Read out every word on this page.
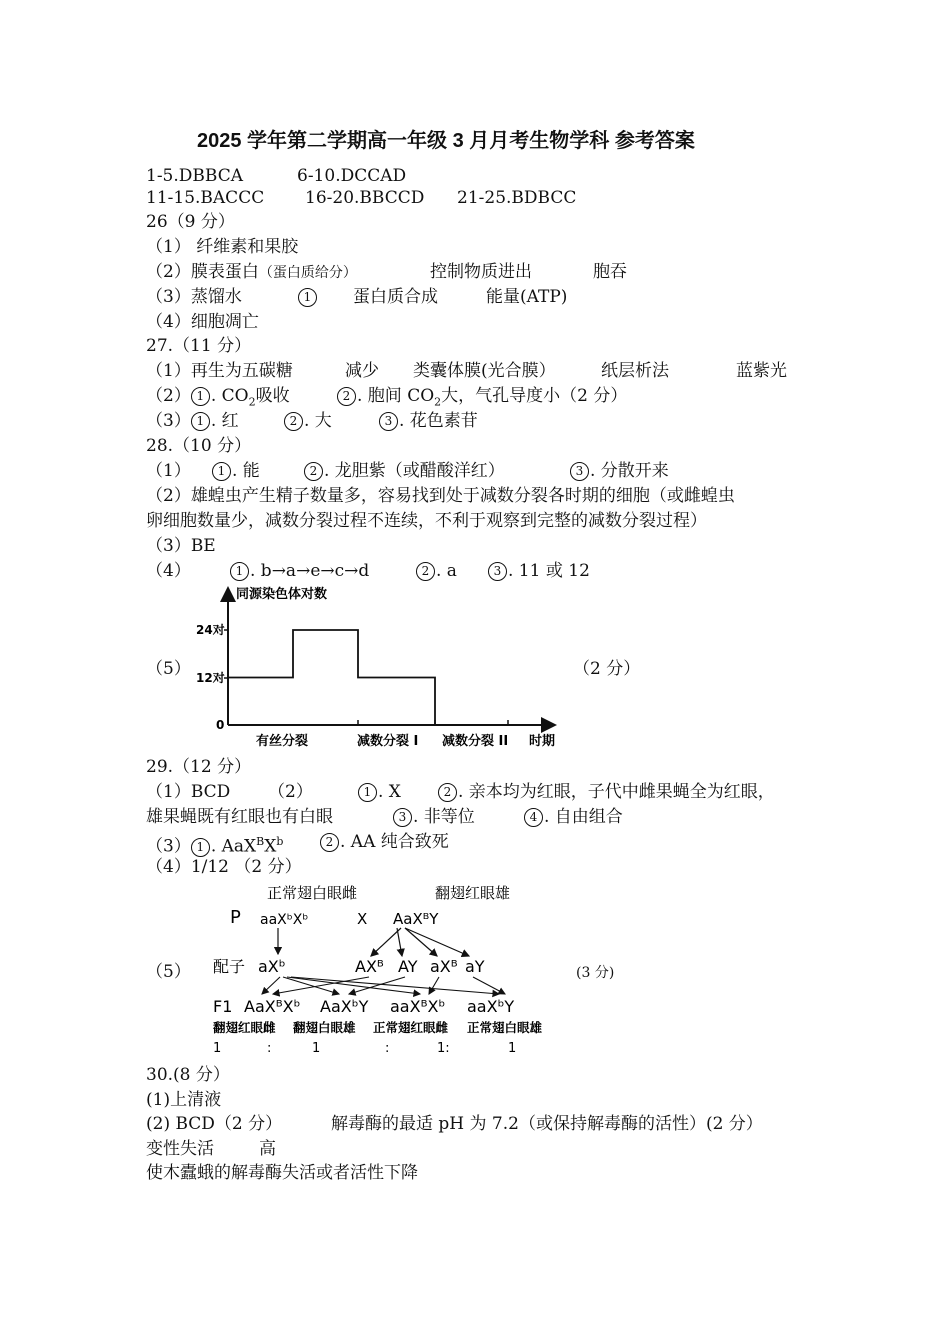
2025 学年第二学期高一年级 3 月月考生物学科 参考答案
1-5.DBBCA	6-10.DCCAD
11-15.BACCC 16-20.BBCCD 21-25.BDBCC
26（9 分）
（1） 纤维素和果胶
（2）膜表蛋白（蛋白质给分）	控制物质进出	胞吞
（3）蒸馏水	1	蛋白质合成	能量(ATP)
（4）细胞凋亡
27.（11 分）
（1）再生为五碳糖	减少 类囊体膜(光合膜）	纸层析法	蓝紫光
（2） 1 . $CO_2$吸收	2 . 胞间 $CO_2$大，气孔导度小（2 分）
（3） 1 . 红	2 . 大	3 . 花色素苷
28.（10 分）
（1）	1 . 能	2 . 龙胆紫（或醋酸洋红）	3 . 分散开来
（2）雄蝗虫产生精子数量多，容易找到处于减数分裂各时期的细胞（或雌蝗虫
卵细胞数量少，减数分裂过程不连续，不利于观察到完整的减数分裂过程）
（3）BE
（4）	1 . b→a→e→c→d	2 . a	3 . 11 或 12
（5）	（2 分）
同源染色体对数
24对
12对
0
有丝分裂	减数分裂 I 减数分裂 II 时期
29.（12 分）
（1）BCD （2）	1 . X	2 . 亲本均为红眼，子代中雌果蝇全为红眼，
雄果蝇既有红眼也有白眼	3 . 非等位	4 . 自由组合
（3） 1 . $AaX^BX^b$	2 . AA 纯合致死
（4）1/12 （2 分）
（5）	(3 分)
正常翅白眼雌	翻翅红眼雄
P aaXᵇXᵇ	X AaXᴮY
配子 aXᵇ	AXᴮ AY aXᴮ aY
F1 AaXᴮXᵇ AaXᵇY aaXᴮXᵇ aaXᵇY
翻翅红眼雌 翻翅白眼雄 正常翅红眼雌 正常翅白眼雄
1	:	1	:	1:	1
30.(8 分）
(1)上清液
(2) BCD（2 分）	解毒酶的最适 pH 为 7.2（或保持解毒酶的活性）(2 分）
变性失活	高
使木蠹蛾的解毒酶失活或者活性下降
